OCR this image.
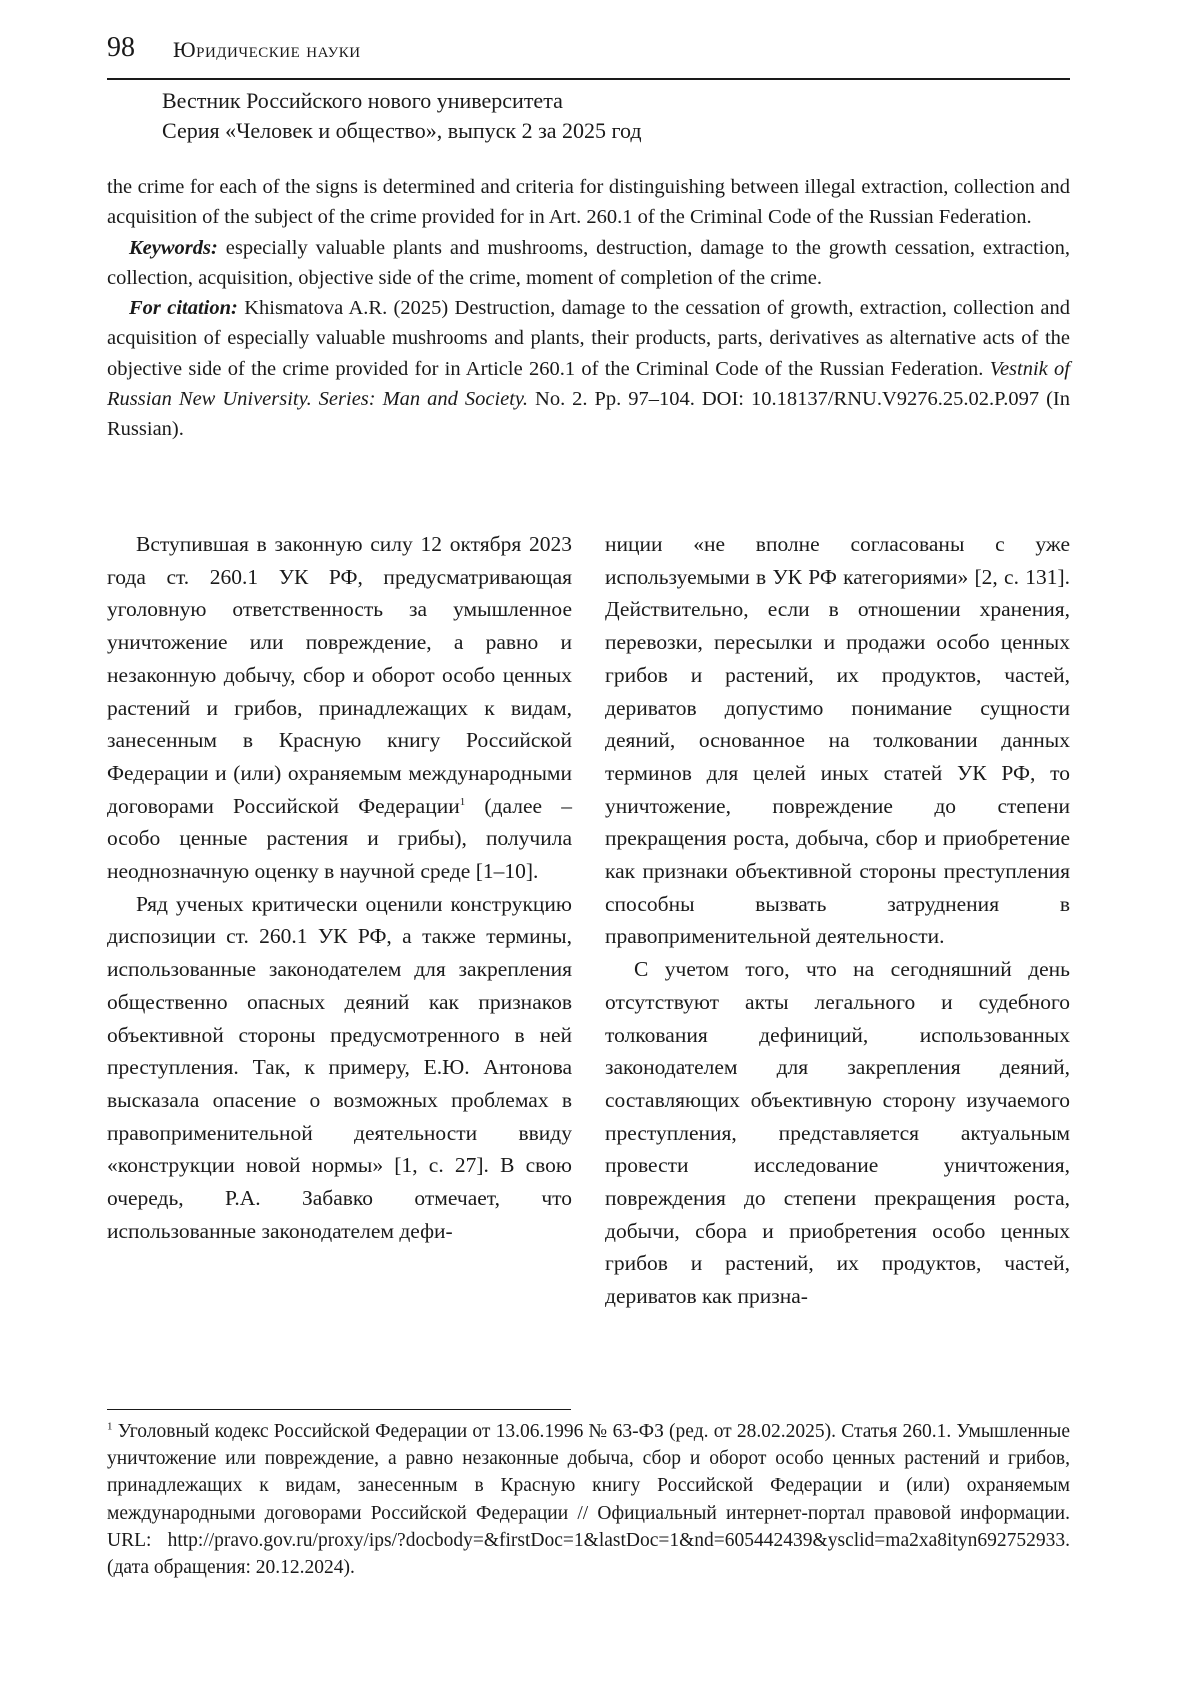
98 Юридические науки
Вестник Российского нового университета
Серия «Человек и общество», выпуск 2 за 2025 год

the crime for each of the signs is determined and criteria for distinguishing between illegal extraction, collection and acquisition of the subject of the crime provided for in Art. 260.1 of the Criminal Code of the Russian Federation.

Keywords: especially valuable plants and mushrooms, destruction, damage to the growth cessation, extraction, collection, acquisition, objective side of the crime, moment of completion of the crime.

For citation: Khismatova A.R. (2025) Destruction, damage to the cessation of growth, extraction, collection and acquisition of especially valuable mushrooms and plants, their products, parts, derivatives as alternative acts of the objective side of the crime provided for in Article 260.1 of the Criminal Code of the Russian Federation. Vestnik of Russian New University. Series: Man and Society. No. 2. Pp. 97–104. DOI: 10.18137/RNU.V9276.25.02.P.097 (In Russian).

Вступившая в законную силу 12 октября 2023 года ст. 260.1 УК РФ, предусматривающая уголовную ответственность за умышленное уничтожение или повреждение, а равно и незаконную добычу, сбор и оборот особо ценных растений и грибов, принадлежащих к видам, занесенным в Красную книгу Российской Федерации и (или) охраняемым международными договорами Российской Федерации$^1$ (далее – особо ценные растения и грибы), получила неоднозначную оценку в научной среде [1–10].

Ряд ученых критически оценили конструкцию диспозиции ст. 260.1 УК РФ, а также термины, использованные законодателем для закрепления общественно опасных деяний как признаков объективной стороны предусмотренного в ней преступления. Так, к примеру, Е.Ю. Антонова высказала опасение о возможных проблемах в правоприменительной деятельности ввиду «конструкции новой нормы» [1, с. 27]. В свою очередь, Р.А. Забавко отмечает, что использованные законодателем дефи-

ниции «не вполне согласованы с уже используемыми в УК РФ категориями» [2, с. 131]. Действительно, если в отношении хранения, перевозки, пересылки и продажи особо ценных грибов и растений, их продуктов, частей, дериватов допустимо понимание сущности деяний, основанное на толковании данных терминов для целей иных статей УК РФ, то уничтожение, повреждение до степени прекращения роста, добыча, сбор и приобретение как признаки объективной стороны преступления способны вызвать затруднения в правоприменительной деятельности.

С учетом того, что на сегодняшний день отсутствуют акты легального и судебного толкования дефиниций, использованных законодателем для закрепления деяний, составляющих объективную сторону изучаемого преступления, представляется актуальным провести исследование уничтожения, повреждения до степени прекращения роста, добычи, сбора и приобретения особо ценных грибов и растений, их продуктов, частей, дериватов как призна-

$^1$ Уголовный кодекс Российской Федерации от 13.06.1996 № 63-ФЗ (ред. от 28.02.2025). Статья 260.1. Умышленные уничтожение или повреждение, а равно незаконные добыча, сбор и оборот особо ценных растений и грибов, принадлежащих к видам, занесенным в Красную книгу Российской Федерации и (или) охраняемым международными договорами Российской Федерации // Официальный интернет-портал правовой информации. URL: http://pravo.gov.ru/proxy/ips/?docbody=&firstDoc=1&lastDoc=1&nd=605442439&ysclid=ma2xa8ityn692752933. (дата обращения: 20.12.2024).
